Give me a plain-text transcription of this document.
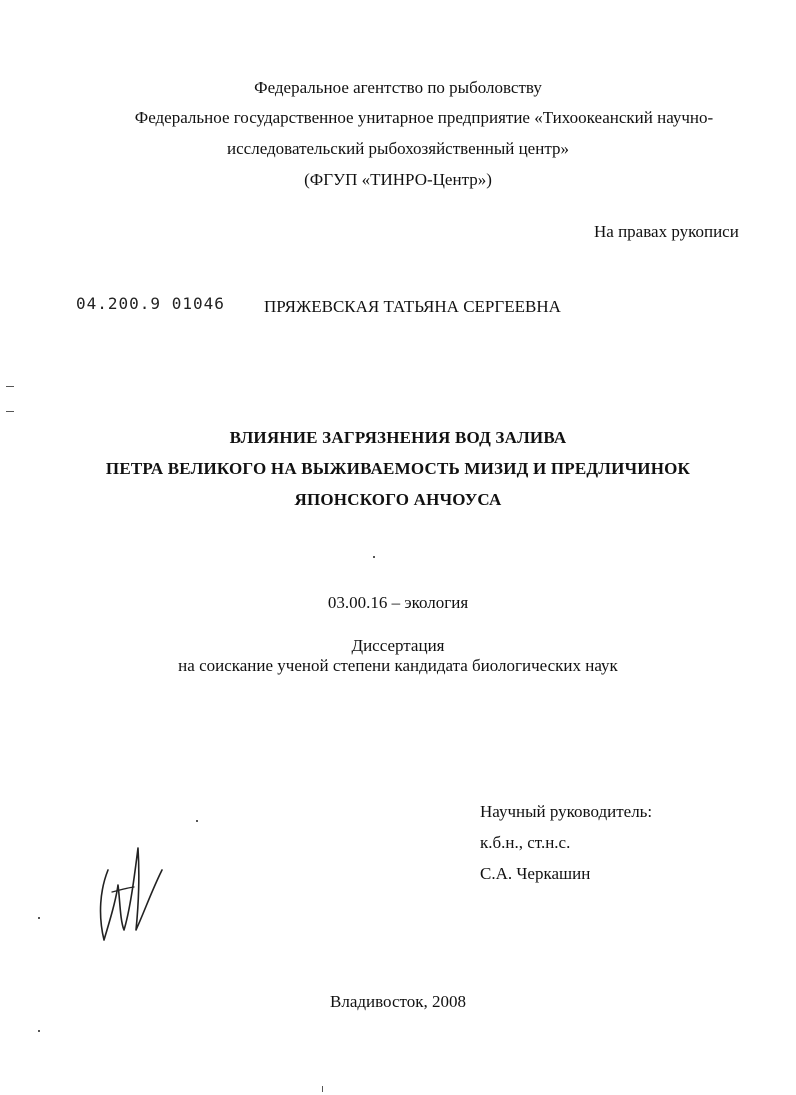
Федеральное агентство по рыболовству
Федеральное государственное унитарное предприятие «Тихоокеанский научно-
исследовательский рыбохозяйственный центр»
(ФГУП «ТИНРО-Центр»)
На правах рукописи
04.200.9 01046 ПРЯЖЕВСКАЯ ТАТЬЯНА СЕРГЕЕВНА
ВЛИЯНИЕ ЗАГРЯЗНЕНИЯ ВОД ЗАЛИВА
ПЕТРА ВЕЛИКОГО НА ВЫЖИВАЕМОСТЬ МИЗИД И ПРЕДЛИЧИНОК
ЯПОНСКОГО АНЧОУСА
03.00.16 – экология
Диссертация
на соискание ученой степени кандидата биологических наук
Научный руководитель:
к.б.н., ст.н.с.
С.А. Черкашин
Владивосток, 2008
